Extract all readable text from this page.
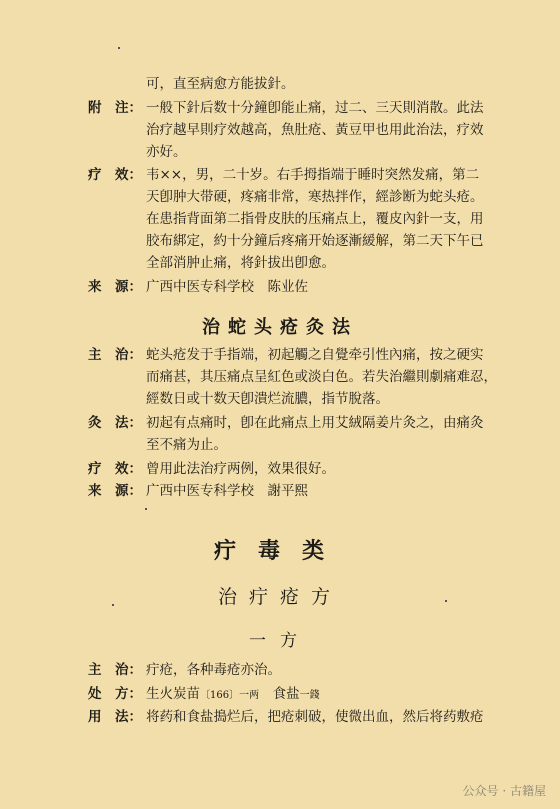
可，直至病愈方能拔針。
附　注： 一般下針后数十分鐘卽能止痛，过二、三天則消散。此法
治疗越早則疗效越高，魚肚疮、黃豆甲也用此治法，疗效
亦好。
疗　效： 韦××，男，二十岁。右手拇指端于睡时突然发痛，第二
天卽肿大带硬，疼痛非常，寒热拌作，經診断为蛇头疮。
在患指背面第二指骨皮肤的压痛点上，覆皮內針一支，用
胶布綁定，約十分鐘后疼痛开始逐漸緩解，第二天下午已
全部消肿止痛，将針拔出卽愈。
来　源： 广西中医专科学校　陈业佐
治蛇头疮灸法
主　治： 蛇头疮发于手指端，初起觸之自覺牵引性內痛，按之硬实
而痛甚，其压痛点呈紅色或淡白色。若失治繼則劇痛难忍，
經数日或十数天卽潰烂流膿，指节脫落。
灸　法： 初起有点痛时，卽在此痛点上用艾絨隔姜片灸之，由痛灸
至不痛为止。
疗　效： 曾用此法治疗两例，效果很好。
来　源： 广西中医专科学校　謝平熙
疔毒类
治疔疮方
一方
主　治： 疔疮，各种毒疮亦治。
处　方： 生火炭苗〔166〕一两　食盐一錢
用　法： 将药和食盐搗烂后，把疮刺破，使微出血，然后将药敷疮
公众号 · 古籍屋
